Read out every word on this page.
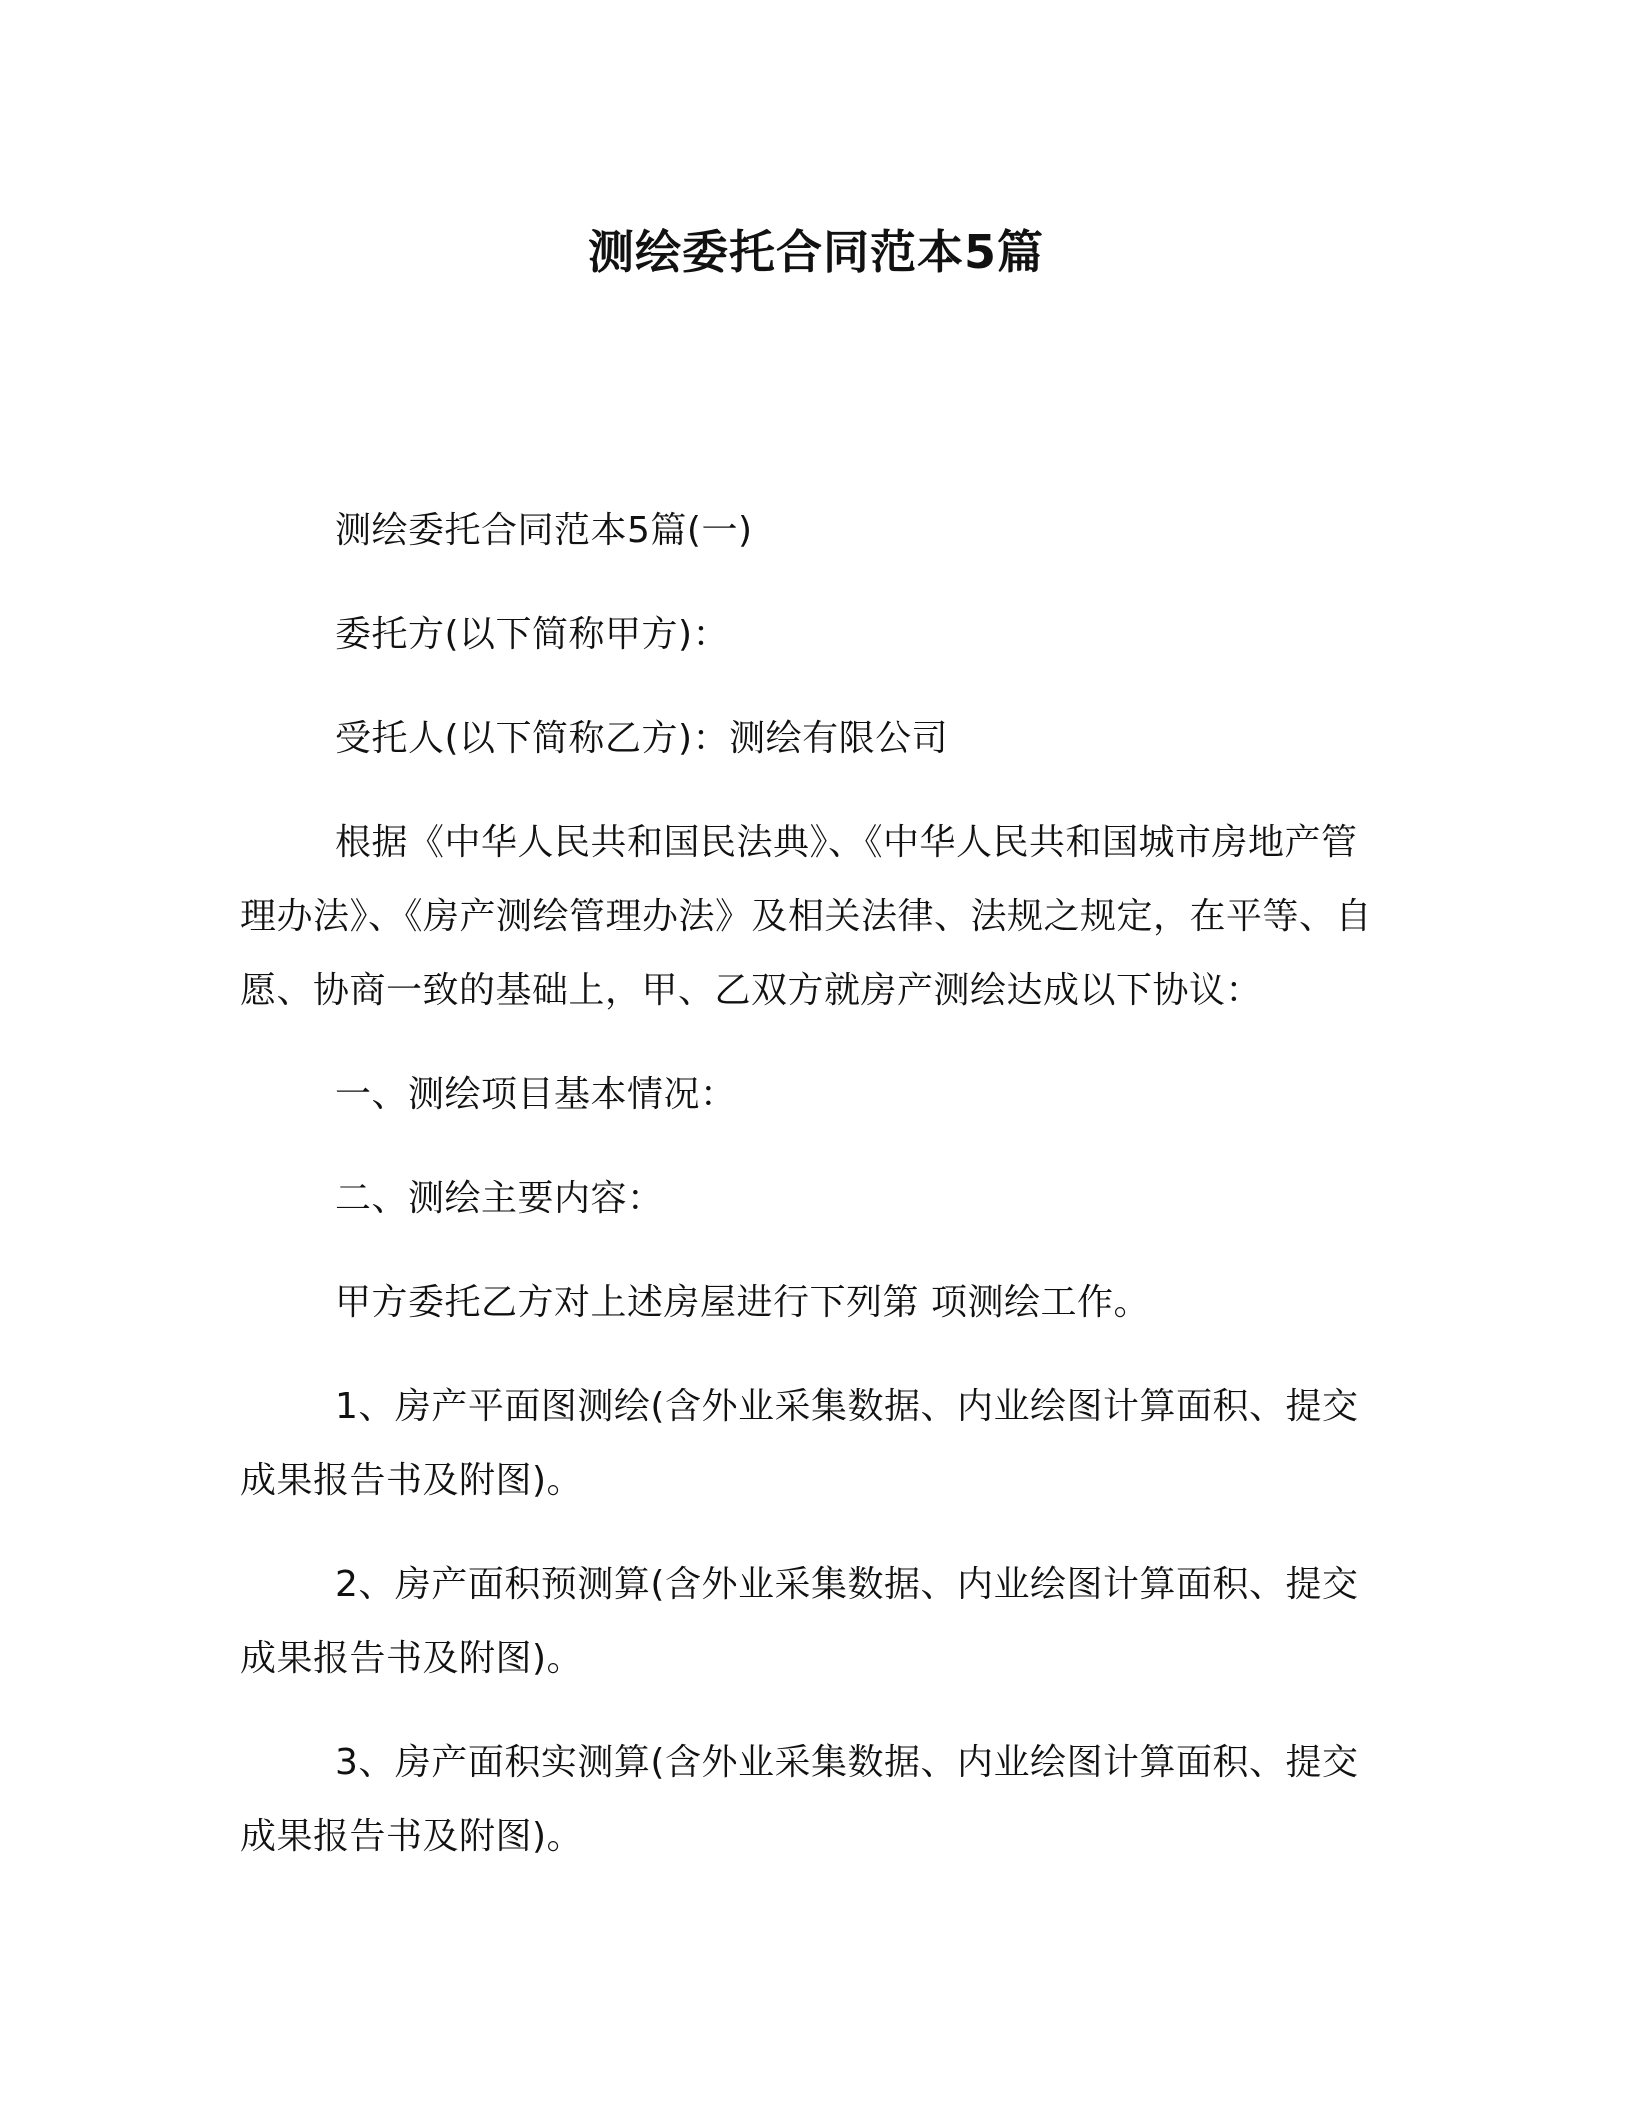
测绘委托合同范本5篇

测绘委托合同范本5篇(一)

委托方(以下简称甲方)：

受托人(以下简称乙方)：测绘有限公司

根据《中华人民共和国民法典》、《中华人民共和国城市房地产管理办法》、《房产测绘管理办法》及相关法律、法规之规定，在平等、自愿、协商一致的基础上，甲、乙双方就房产测绘达成以下协议：

一、测绘项目基本情况：

二、测绘主要内容：

甲方委托乙方对上述房屋进行下列第 项测绘工作。

1、房产平面图测绘(含外业采集数据、内业绘图计算面积、提交成果报告书及附图)。

2、房产面积预测算(含外业采集数据、内业绘图计算面积、提交成果报告书及附图)。

3、房产面积实测算(含外业采集数据、内业绘图计算面积、提交成果报告书及附图)。
